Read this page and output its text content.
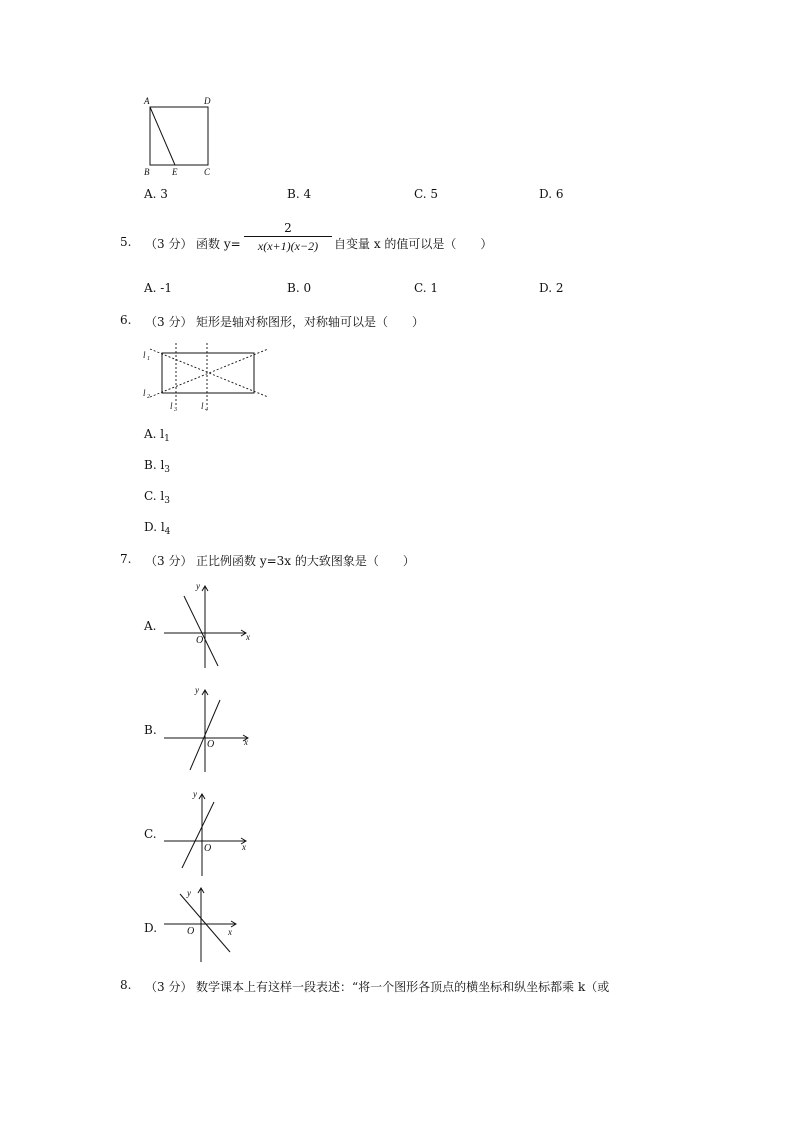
A	D
B	E	C
A. 3	B. 4	C. 5	D. 6
5. （3 分） 函数 y=
2
x(x+1)(x−2)	自变量 x 的值可以是（　　）
A. -1	B. 0	C. 1	D. 2
6. （3 分） 矩形是轴对称图形，对称轴可以是（　　）
l 1
l 2
l 3	l 4
A. $l_1$
B. $l_3$
C. $l_3$
D. $l_4$
7. （3 分） 正比例函数 y=3x 的大致图象是（　　）
A.
x
y
O
B.
x
y
O
C.
x
y
O
D.	x
y
O
8. （3 分） 数学课本上有这样一段表述：“将一个图形各顶点的横坐标和纵坐标都乘 k（或
